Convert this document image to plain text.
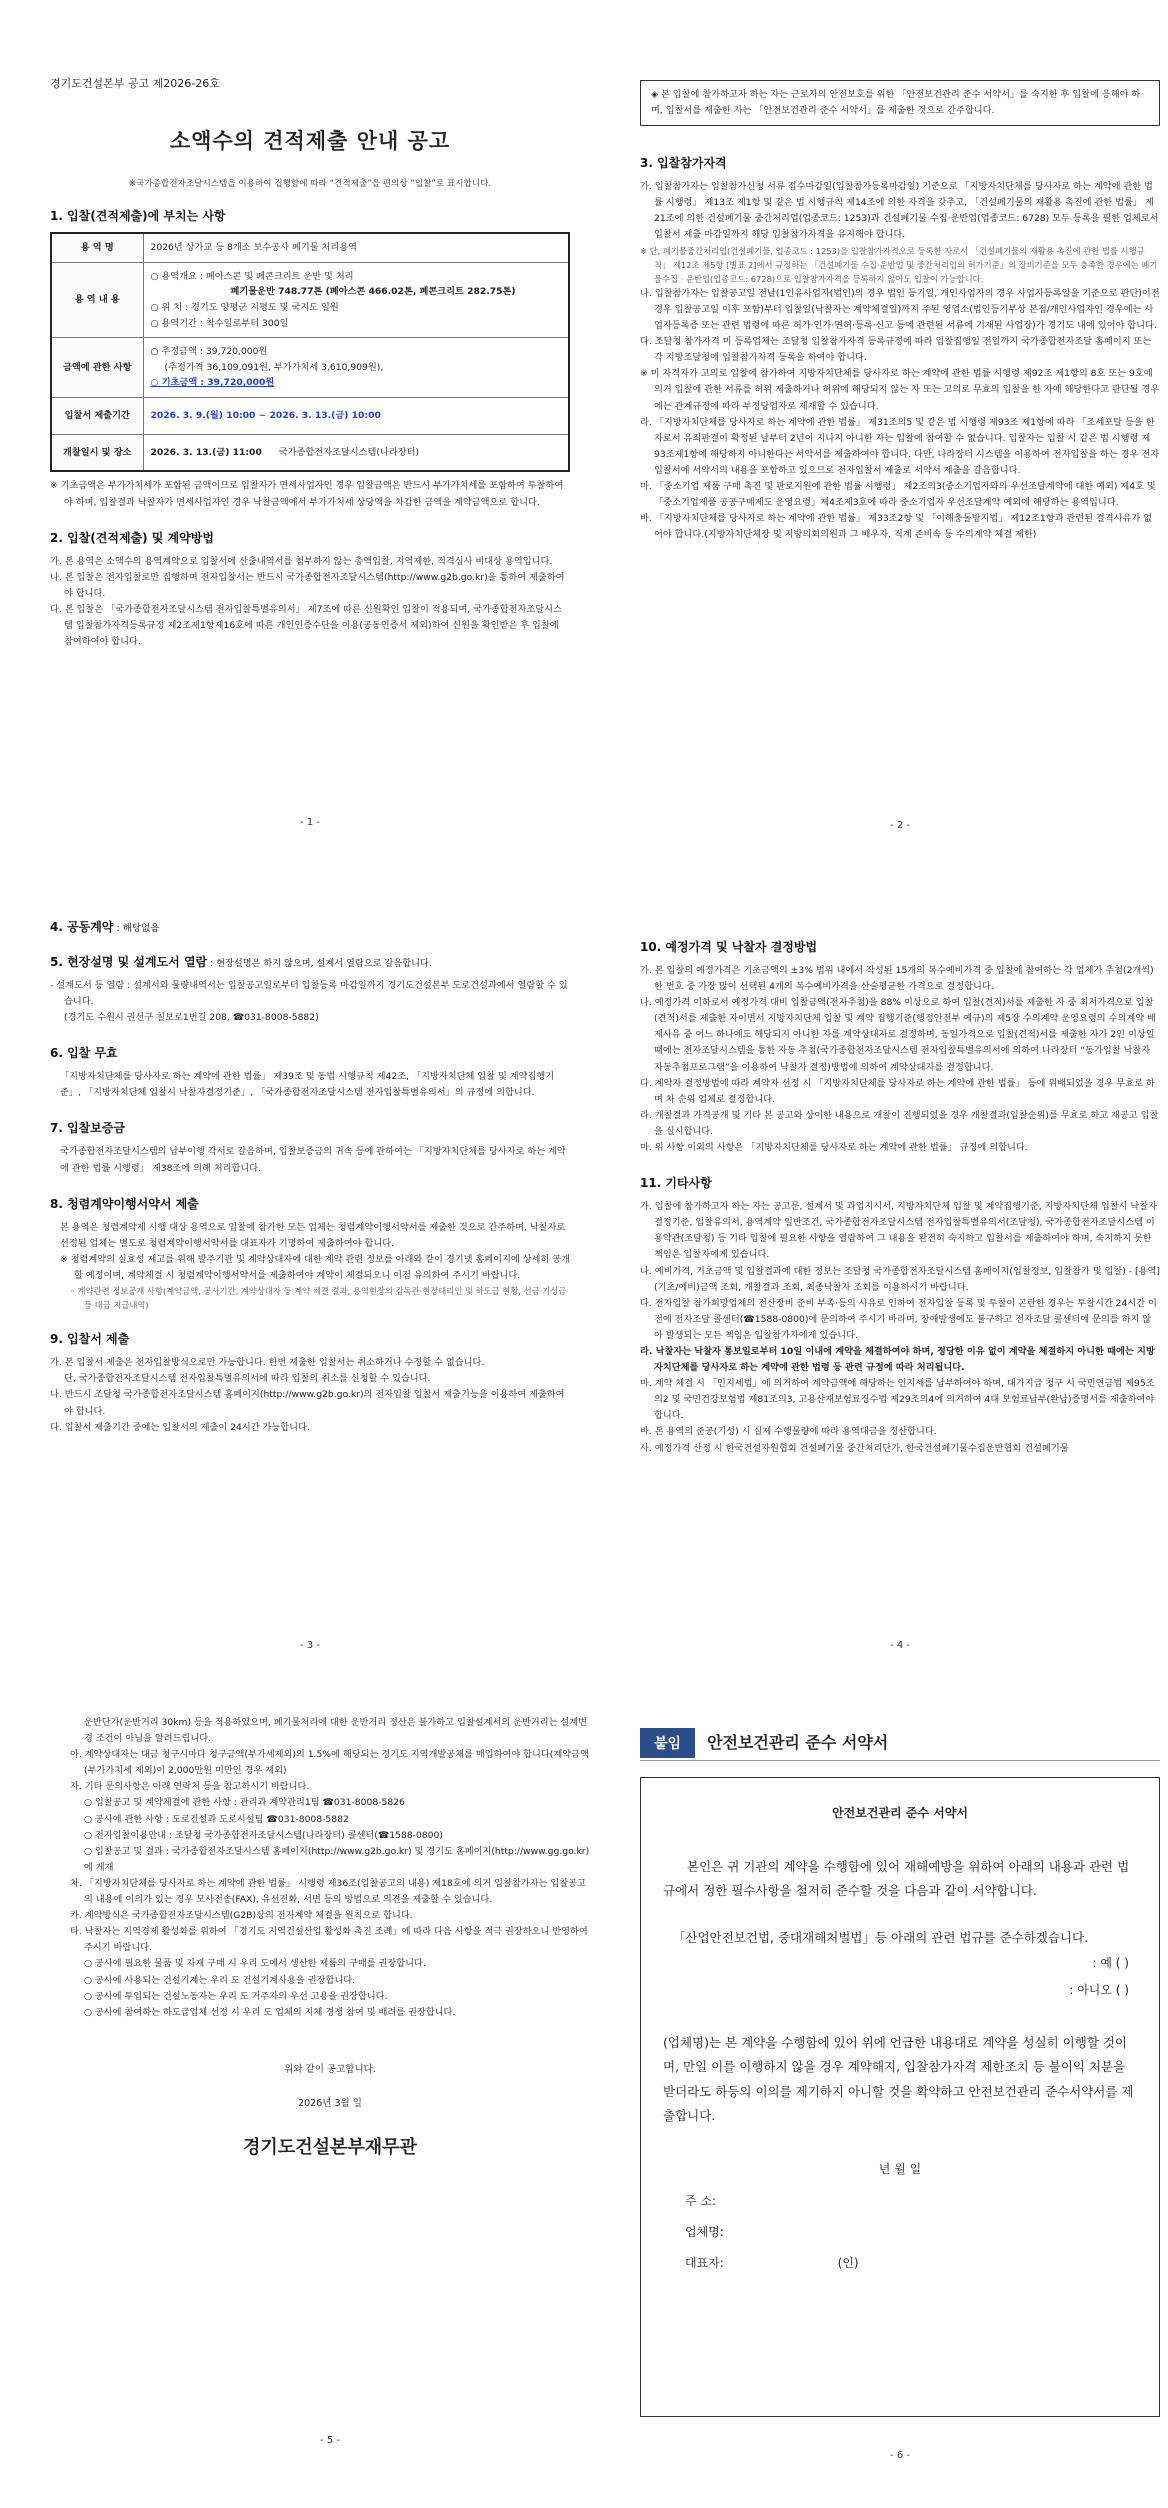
경기도건설본부 공고 제2026-26호
소액수의 견적제출 안내 공고
※국가종합전자조달시스템을 이용하여 집행함에 따라 “견적제출”을 편의상 “입찰”로 표시합니다.
1. 입찰(견적제출)에 부치는 사항
용 역 명	2026년 상가교 등 8개소 보수공사 폐기물 처리용역
용 역 내 용	○ 용역개요 : 폐아스콘 및 폐콘크리트 운반 및 처리
폐기물운반 748.77톤 (폐아스콘 466.02톤, 폐콘크리트 282.75톤)
○ 위 치 : 경기도 양평군 지평도 및 국지도 일원
○ 용역기간 : 착수일로부터 300일

금액에 관한 사항	○ 추정금액 : 39,720,000원
(추정가격 36,109,091원, 부가가치세 3,610,909원),
○ 기초금액 : 39,720,000원

입찰서 제출기간	2026. 3. 9.(월) 10:00 ~ 2026. 3. 13.(금) 10:00
개찰일시 및 장소	2026. 3. 13.(금) 11:00 국가종합전자조달시스템(나라장터)
※ 기초금액은 부가가치세가 포함된 금액이므로 입찰자가 면세사업자인 경우 입찰금액은 반드시 부가가치세를 포함하여 투찰하여야 하며, 입찰결과 낙찰자가 면세사업자인 경우 낙찰금액에서 부가가치세 상당액을 차감한 금액을 계약금액으로 합니다.
2. 입찰(견적제출) 및 계약방법
가. 본 용역은 소액수의 용역계약으로 입찰서에 산출내역서를 첨부하지 않는 총액입찰, 지역제한, 적격심사 비대상 용역입니다.
나. 본 입찰은 전자입찰로만 집행하며 전자입찰서는 반드시 국가종합전자조달시스템(http://www.g2b.go.kr)을 통하여 제출하여야 합니다.
다. 본 입찰은 「국가종합전자조달시스템 전자입찰특별유의서」 제7조에 따른 신원확인 입찰이 적용되며, 국가종합전자조달시스템 입찰참가자격등록규정 제2조제1항제16호에 따른 개인인증수단을 이용(공동인증서 제외)하여 신원을 확인받은 후 입찰에 참여하여야 합니다.
- 1 -
◈ 본 입찰에 참가하고자 하는 자는 근로자의 안전보호를 위한 「안전보건관리 준수 서약서」를 숙지한 후 입찰에 응해야 하며, 입찰서를 제출한 자는 「안전보건관리 준수 서약서」를 제출한 것으로 간주합니다.
3. 입찰참가자격
가. 입찰참가자는 입찰참가신청 서류 접수마감일(입찰참가등록마감일) 기준으로 「지방자치단체를 당사자로 하는 계약에 관한 법률 시행령」 제13조 제1항 및 같은 법 시행규칙 제14조에 의한 자격을 갖추고, 「건설폐기물의 재활용 촉진에 관한 법률」 제21조에 의한 건설폐기물 중간처리업(업종코드: 1253)과 건설폐기물 수집·운반업(업종코드: 6728) 모두 등록을 필한 업체로서 입찰서 제출 마감일까지 해당 입찰참가자격을 유지해야 합니다.
※ 단, 폐기물중간처리업(건설폐기물, 업종코드 : 1253)을 입찰참가자격으로 등록한 자로서 「건설폐기물의 재활용 촉진에 관한 법률 시행규칙」 제12조 제5항 [별표 2]에서 규정하는 「건설폐기물 수집·운반업 및 중간처리업의 허가기준」의 장비기준을 모두 충족한 경우에는 폐기물수집 · 운반업(업종코드: 6728)으로 입찰참가자격을 등록하지 않아도 입찰이 가능합니다.
나. 입찰참가자는 입찰공고일 전날(1인유사업자(법인)의 경우 법인 등기일, 개인사업자의 경우 사업자등록일을 기준으로 판단)이전 경우 입찰공고일 이후 포함)부터 입찰일(낙찰자는 계약체결일)까지 주된 영업소(법인등기부상 본점/개인사업자인 경우에는 사업자등록증 또는 관련 법령에 따른 허가·인가·면허·등록·신고 등에 관련된 서류에 기재된 사업장)가 경기도 내에 있어야 합니다.
다. 조달청 참가자격 미 등록업체는 조달청 입찰참가자격 등록규정에 따라 입찰집행일 전일까지 국가종합전자조달 홈페이지 또는 각 지방조달청에 입찰참가자격 등록을 하여야 합니다.
※ 미 자격자가 고의로 입찰에 참가하여 지방자치단체를 당사자로 하는 계약에 관한 법률 시행령 제92조 제1항의 8호 또는 9호에 의거 입찰에 관한 서류를 허위 제출하거나 허위에 해당되지 않는 자 또는 고의로 무효의 입찰을 한 자에 해당한다고 판단될 경우에는 관계규정에 따라 부정당업자로 제재할 수 있습니다.
라. 「지방자치단체를 당사자로 하는 계약에 관한 법률」 제31조의5 및 같은 법 시행령 제93조 제1항에 따라 「조세포탈 등을 한 자로서 유죄판결이 확정된 날부터 2년이 지나지 아니한 자는 입찰에 참여할 수 없습니다. 입찰자는 입찰 시 같은 법 시행령 제93조제1항에 해당하지 아니한다는 서약서를 제출하여야 합니다. 다만, 나라장터 시스템을 이용하여 전자입찰을 하는 경우 전자입찰서에 서약서의 내용을 포함하고 있으므로 전자입찰서 제출로 서약서 제출을 갈음합니다.
마. 「중소기업 제품 구매 촉진 및 판로지원에 관한 법률 시행령」 제2조의3(중소기업자와의 우선조달계약에 대한 예외) 제4호 및 「중소기업제품 공공구매제도 운영요령」제4조제3호에 따라 중소기업자 우선조달계약 예외에 해당하는 용역입니다.
바. 「지방자치단체를 당사자로 하는 계약에 관한 법률」 제33조2항 및 「이해충돌방지법」 제12조1항과 관련된 결격사유가 없어야 합니다.(지방자치단체장 및 지방의회의원과 그 배우자, 직계 존비속 등 수의계약 체결 제한)
- 2 -
4. 공동계약 : 해당없음
5. 현장설명 및 설계도서 열람 : 현장설명은 하지 않으며, 설계서 열람으로 갈음합니다.
- 설계도서 등 열람 : 설계서와 물량내역서는 입찰공고일로부터 입찰등록 마감일까지 경기도건설본부 도로건설과에서 열람할 수 있습니다.
(경기도 수원시 권선구 칠보로1번길 208, ☎031-8008-5882)
6. 입찰 무효
「지방자치단체를 당사자로 하는 계약에 관한 법률」 제39조 및 동법 시행규칙 제42조, 「지방자치단체 입찰 및 계약집행기준」, 「지방자치단체 입찰시 낙찰자결정기준」, 「국가종합전자조달시스템 전자입찰특별유의서」의 규정에 의합니다.
7. 입찰보증금
국가종합전자조달시스템의 납부이행 각서로 갈음하며, 입찰보증금의 귀속 등에 관하여는 「지방자치단체를 당사자로 하는 계약에 관한 법률 시행령」 제38조에 의해 처리합니다.
8. 청렴계약이행서약서 제출
본 용역은 청렴계약제 시행 대상 용역으로 입찰에 참가한 모든 업체는 청렴계약이행서약서를 제출한 것으로 간주하며, 낙찰자로 선정된 업체는 별도로 청렴계약이행서약서를 대표자가 기명하여 제출하여야 합니다.
※ 청렴계약의 실효성 제고를 위해 발주기관 및 계약상대자에 대한 계약 관련 정보를 아래와 같이 경기넷 홈페이지에 상세히 공개할 예정이며, 계약체결 시 청렴계약이행서약서를 제출하여야 계약이 체결되오니 이점 유의하여 주시기 바랍니다.
◦ 계약관련 정보공개 사항(계약금액, 공사기간, 계약상대자 등 계약 체결 결과, 용역현장의 감독관·현장대리인 및 하도급 현황, 선금·기성금 등 대금 지급내역)
9. 입찰서 제출
가. 본 입찰서 제출은 전자입찰방식으로만 가능합니다. 한번 제출한 입찰서는 취소하거나 수정할 수 없습니다.
단, 국가종합전자조달시스템 전자입찰특별유의서에 따라 입찰의 취소를 신청할 수 있습니다.
나. 반드시 조달청 국가종합전자조달시스템 홈페이지(http://www.g2b.go.kr)의 전자입찰 입찰서 제출기능을 이용하여 제출하여야 합니다.
다. 입찰서 제출기간 중에는 입찰서의 제출이 24시간 가능합니다.
- 3 -
10. 예정가격 및 낙찰자 결정방법
가. 본 입찰의 예정가격은 기초금액의 ±3% 범위 내에서 작성된 15개의 복수예비가격 중 입찰에 참여하는 각 업체가 추첨(2개씩)한 번호 중 가장 많이 선택된 4개의 복수예비가격을 산술평균한 가격으로 결정합니다.
나. 예정가격 이하로서 예정가격 대비 입찰금액(전자추첨)을 88% 이상으로 하여 입찰(견적)서를 제출한 자 중 최저가격으로 입찰(견적)서를 제출한 자이면서 지방자치단체 입찰 및 계약 집행기준(행정안전부 예규)의 제5장 수의계약 운영요령의 수의계약 배제사유 중 어느 하나에도 해당되지 아니한 자를 계약상대자로 결정하며, 동일가격으로 입찰(견적)서를 제출한 자가 2인 이상일 때에는 전자조달시스템을 통한 자동 추첨(국가종합전자조달시스템 전자입찰특별유의서에 의하여 나라장터 “동가입찰 낙찰자 자동추첨프로그램”을 이용하여 낙찰자 결정)방법에 의하여 계약상대자를 결정합니다.
다. 계약자 결정방법에 따라 계약자 선정 시 「지방자치단체를 당사자로 하는 계약에 관한 법률」 등에 위배되었을 경우 무효로 하며 차 순위 업체로 결정합니다.
라. 개찰결과 가격공개 및 기타 본 공고와 상이한 내용으로 개찰이 진행되었을 경우 개찰결과(입찰순위)를 무효로 하고 재공고 입찰을 실시합니다.
마. 위 사항 이외의 사항은 「지방자치단체를 당사자로 하는 계약에 관한 법률」 규정에 의합니다.
11. 기타사항
가. 입찰에 참가하고자 하는 자는 공고문, 설계서 및 과업지시서, 지방자치단체 입찰 및 계약집행기준, 지방자치단체 입찰시 낙찰자결정기준, 입찰유의서, 용역계약 일반조건, 국가종합전자조달시스템 전자입찰특별유의서(조달청), 국가종합전자조달시스템 이용약관(조달청) 등 기타 입찰에 필요한 사항을 열람하여 그 내용을 완전히 숙지하고 입찰서를 제출하여야 하며, 숙지하지 못한 책임은 입찰자에게 있습니다.
나. 예비가격, 기초금액 및 입찰결과에 대한 정보는 조달청 국가종합전자조달시스템 홈페이지(입찰정보, 입찰참가 및 입찰) - [용역](기초/예비)금액 조회, 개찰결과 조회, 최종낙찰자 조회를 이용하시기 바랍니다.
다. 전자입찰 참가희망업체의 전산장비 준비 부족·등의 사유로 인하여 전자입찰 등록 및 투찰이 곤란한 경우는 투찰시간 24시간 이전에 전자조달 콜센터(☎1588-0800)에 문의하여 주시기 바라며, 장애발생에도 불구하고 전자조달 콜센터에 문의를 하지 않아 발생되는 모든 책임은 입찰참가자에게 있습니다.
라. 낙찰자는 낙찰자 통보일로부터 10일 이내에 계약을 체결하여야 하며, 정당한 이유 없이 계약을 체결하지 아니한 때에는 지방자치단체를 당사자로 하는 계약에 관한 법령 등 관련 규정에 따라 처리됩니다.
마. 계약 체결 시 「인지세법」에 의거하여 계약금액에 해당하는 인지세를 납부하여야 하며, 대가지급 청구 시 국민연금법 제95조의2 및 국민건강보험법 제81조의3, 고용산재보험료징수법 제29조의4에 의거하여 4대 보험료납부(완납)증명서를 제출하여야 합니다.
바. 본 용역의 준공(기성) 시 실제 수행물량에 따라 용역대금을 정산합니다.
사. 예정가격 산정 시 한국건설자원협회 건설폐기물 중간처리단가, 한국건설폐기물수집운반협회 건설폐기물
- 4 -
운반단가(운반거리 30km) 등을 적용하였으며, 폐기물처리에 대한 운반거리 정산은 불가하고 입찰설계서의 운반거리는 설계변경 조건이 아님을 알려드립니다.
아. 계약상대자는 대금 청구시마다 청구금액(부가세제외)의 1.5%에 해당되는 경기도 지역개발공채를 매입하여야 합니다(계약금액(부가가치세 제외)이 2,000만원 미만인 경우 제외)
자. 기타 문의사항은 아래 연락처 등을 참고하시기 바랍니다.
○ 입찰공고 및 계약체결에 관한 사항 : 관리과 계약관리1팀 ☎031-8008-5826
○ 공사에 관한 사항 : 도로건설과 도로시설팀 ☎031-8008-5882
○ 전자입찰이용안내 : 조달청 국가종합전자조달시스템(나라장터) 콜센터(☎1588-0800)
○ 입찰공고 및 결과 : 국가종합전자조달시스템 홈페이지(http://www.g2b.go.kr) 및 경기도 홈페이지(http://www.gg.go.kr)에 게재
차. 「지방자치단체를 당사자로 하는 계약에 관한 법률」 시행령 제36조(입찰공고의 내용) 제18호에 의거 입찰참가자는 입찰공고의 내용에 이의가 있는 경우 모사전송(FAX), 유선전화, 서면 등의 방법으로 의견을 제출할 수 있습니다.
카. 계약방식은 국가종합전자조달시스템(G2B)상의 전자계약 체결을 원칙으로 합니다.
타. 낙찰자는 지역경제 활성화를 위하여 「경기도 지역건설산업 활성화 촉진 조례」에 따라 다음 사항을 적극 권장하오니 반영하여 주시기 바랍니다.
○ 공사에 필요한 물품 및 자재 구매 시 우리 도에서 생산한 제품의 구매를 권장합니다.
○ 공사에 사용되는 건설기계는 우리 도 건설기계사용을 권장합니다.
○ 공사에 투입되는 건설노동자는 우리 도 거주자의 우선 고용을 권장합니다.
○ 공사에 참여하는 하도급업체 선정 시 우리 도 업체의 지체 경쟁 참여 및 배려를 권장합니다.
위와 같이 공고합니다.
2026년 3월 일
경기도건설본부재무관
- 5 -
붙임 안전보건관리 준수 서약서
안전보건관리 준수 서약서
본인은 귀 기관의 계약을 수행함에 있어 재해예방을 위하여 아래의 내용과 관련 법규에서 정한 필수사항을 철저히 준수할 것을 다음과 같이 서약합니다.
「산업안전보건법, 중대재해처벌법」등 아래의 관련 법규를 준수하겠습니다.
: 예 ( )
: 아니오 ( )
(업체명)는 본 계약을 수행함에 있어 위에 언급한 내용대로 계약을 성실히 이행할 것이며, 만일 이를 이행하지 않을 경우 계약해지, 입찰참가자격 제한조치 등 불이익 처분을 받더라도 하등의 이의를 제기하지 아니할 것을 확약하고 안전보건관리 준수서약서를 제출합니다.
년 월 일
주 소:
업체명:
대표자:	(인)
- 6 -
